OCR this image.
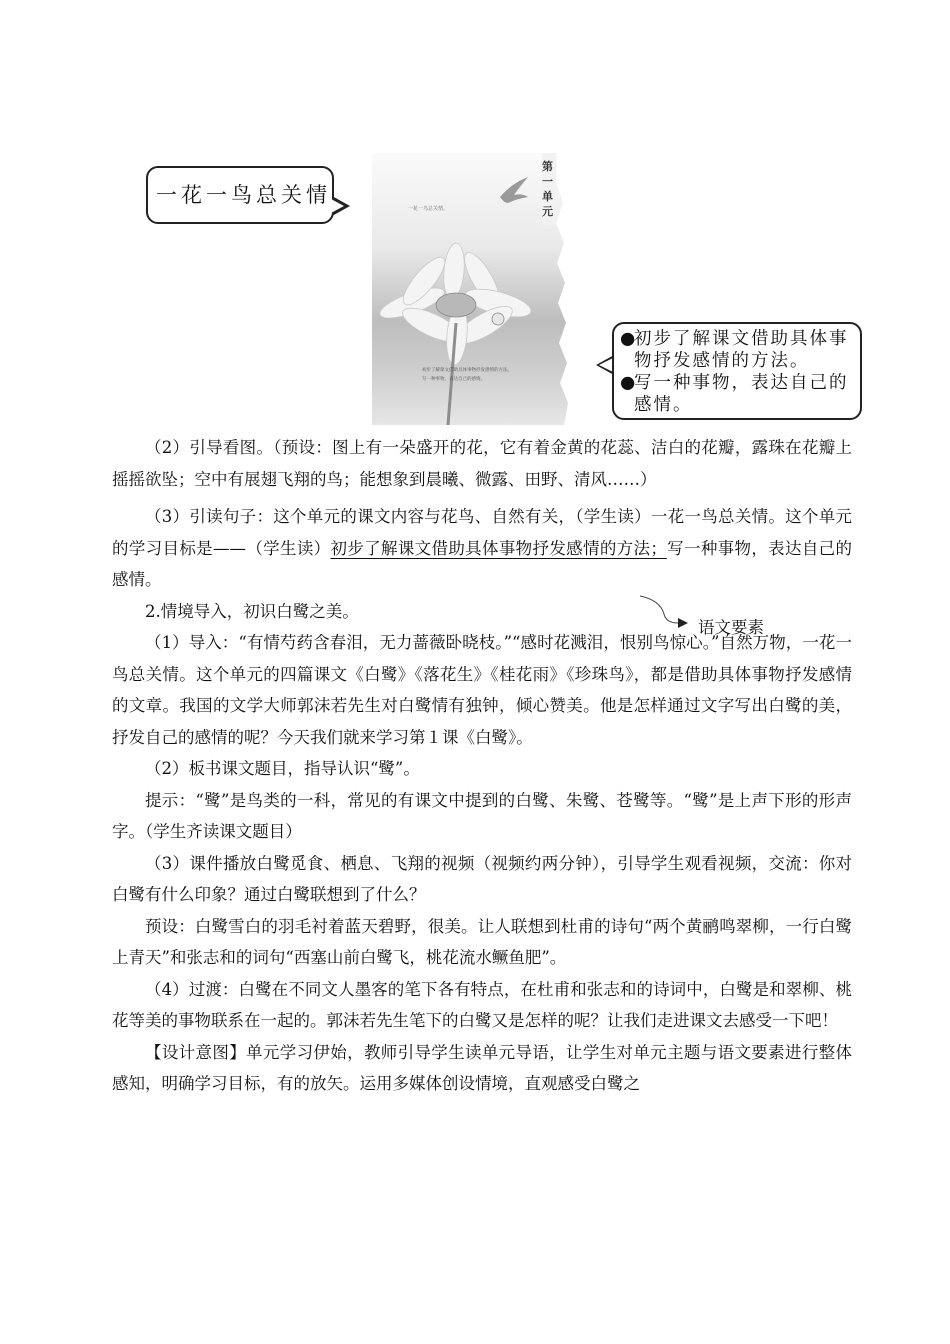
一花一鸟总关情。
第一单元
一花一鸟总关情。
初步了解课文借助具体事物抒发感情的方法。
写一种事物，表达自己的感情。
●
初步了解课文借助具体事物抒发感情的方法。
●
写一种事物，表达自己的感情。

（2）引导看图。（预设：图上有一朵盛开的花，它有着金黄的花蕊、洁白的花瓣，露珠在花瓣上摇摇欲坠；空中有展翅飞翔的鸟；能想象到晨曦、微露、田野、清风……）

（3）引读句子：这个单元的课文内容与花鸟、自然有关，（学生读）一花一鸟总关情。这个单元的学习目标是——（学生读）初步了解课文借助具体事物抒发感情的方法；写一种事物，表达自己的感情。

2.情境导入，初识白鹭之美。

（1）导入：“有情芍药含春泪，无力蔷薇卧晓枝。”“感时花溅泪，恨别鸟惊心。”自然万物，一花一鸟总关情。这个单元的四篇课文《白鹭》《落花生》《桂花雨》《珍珠鸟》，都是借助具体事物抒发感情的文章。我国的文学大师郭沫若先生对白鹭情有独钟，倾心赞美。他是怎样通过文字写出白鹭的美，抒发自己的感情的呢？今天我们就来学习第１课《白鹭》。

（2）板书课文题目，指导认识“鹭”。

提示：“鹭”是鸟类的一科，常见的有课文中提到的白鹭、朱鹭、苍鹭等。“鹭”是上声下形的形声字。（学生齐读课文题目）

（3）课件播放白鹭觅食、栖息、飞翔的视频（视频约两分钟），引导学生观看视频，交流：你对白鹭有什么印象？通过白鹭联想到了什么？

预设：白鹭雪白的羽毛衬着蓝天碧野，很美。让人联想到杜甫的诗句“两个黄鹂鸣翠柳，一行白鹭上青天”和张志和的词句“西塞山前白鹭飞，桃花流水鳜鱼肥”。

（4）过渡：白鹭在不同文人墨客的笔下各有特点，在杜甫和张志和的诗词中，白鹭是和翠柳、桃花等美的事物联系在一起的。郭沫若先生笔下的白鹭又是怎样的呢？让我们走进课文去感受一下吧！

【设计意图】单元学习伊始，教师引导学生读单元导语，让学生对单元主题与语文要素进行整体感知，明确学习目标，有的放矢。运用多媒体创设情境，直观感受白鹭之

语文要素
